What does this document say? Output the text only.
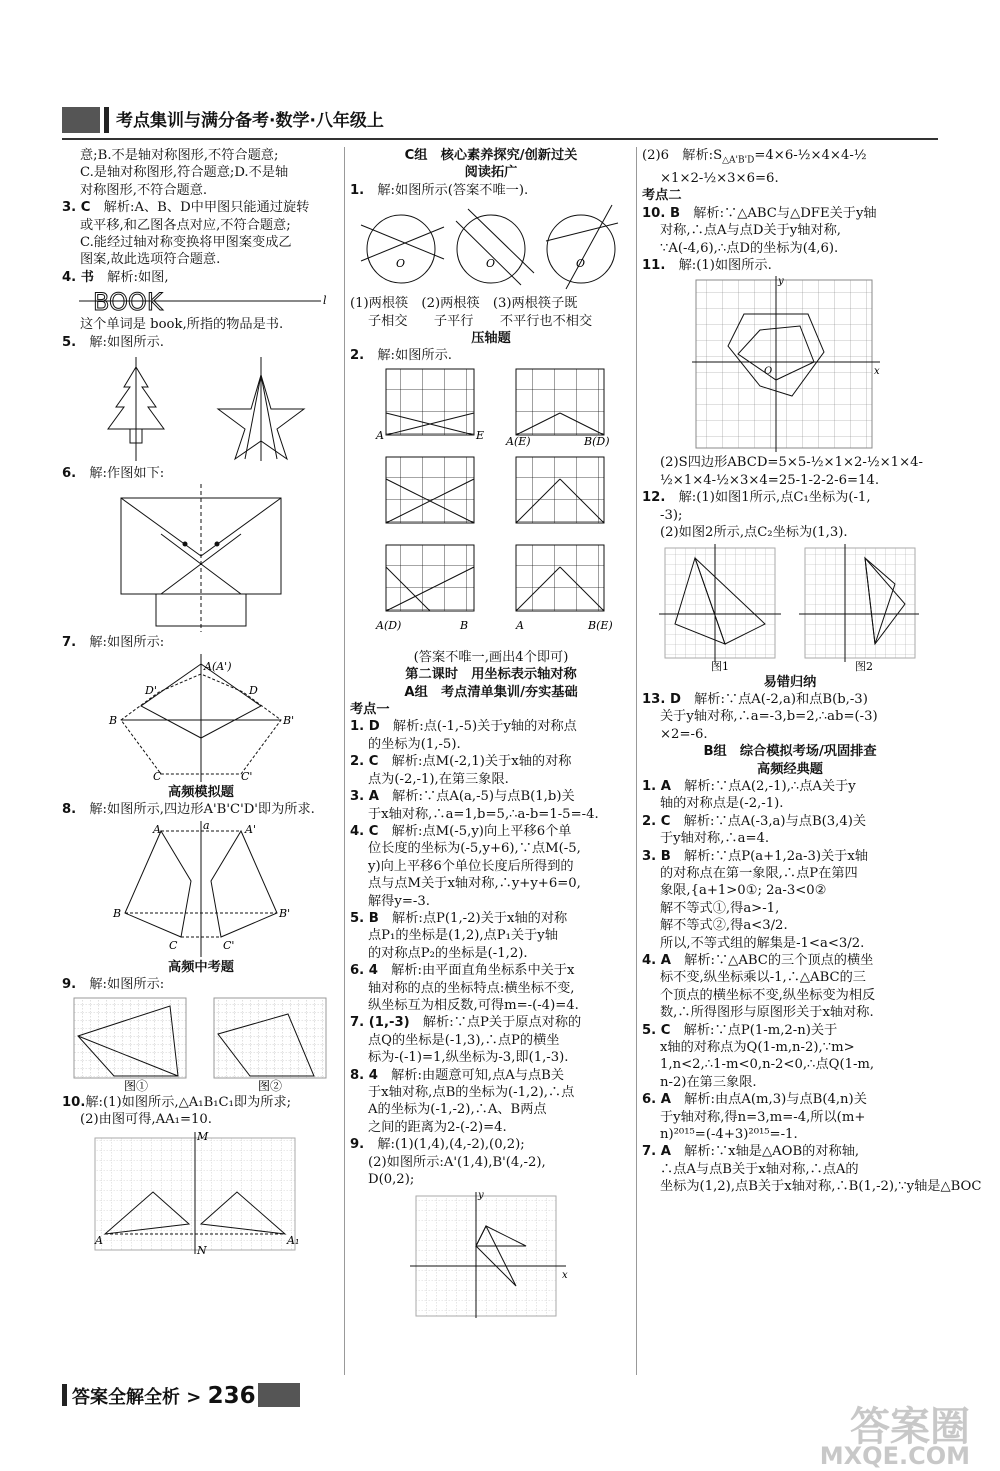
考点集训与满分备考·数学·八年级上
意;B.不是轴对称图形,不符合题意;
C.是轴对称图形,符合题意;D.不是轴
对称图形,不符合题意.
3. C　 解析:A、B、D中甲图只能通过旋转
或平移,和乙图各点对应,不符合题意;
C.能经过轴对称变换将甲图案变成乙
图案,故此选项符合题意.
4. 书　 解析:如图,
BOOK	l
这个单词是 book,所指的物品是书.
5.　 解:如图所示.
6.　 解:作图如下:
7.　 解:如图所示:
A(A')
D'	D
B	B'
C	C'
高频模拟题
8.　 解:如图所示,四边形A'B'C'D'即为所求.
A	A'
B	B'
C	C'
a
高频中考题
9.　 解:如图所示:
图①	图②
10.解:(1)如图所示,△A₁B₁C₁即为所求;
(2)由图可得,AA₁=10.
A	A₁
M
N
C组　核心素养探究/创新过关
阅读拓广
1.　 解:如图所示(答案不唯一).
O	O	O
(1)两根筷　(2)两根筷　(3)两根筷子既
子相交　　子平行　　不平行也不相交
压轴题
2.　 解:如图所示.
A	E A(E)	B(D)
A(D)	B	A	B(E)
(答案不唯一,画出4个即可)
第二课时　用坐标表示轴对称
A组　考点清单集训/夯实基础
考点一
1. D　 解析:点(-1,-5)关于y轴的对称点
的坐标为(1,-5).
2. C　 解析:点M(-2,1)关于x轴的对称
点为(-2,-1),在第三象限.
3. A　 解析:∵点A(a,-5)与点B(1,b)关
于x轴对称,∴a=1,b=5,∴a-b=1-5=-4.
4. C　 解析:点M(-5,y)向上平移6个单
位长度的坐标为(-5,y+6),∵点M(-5,
y)向上平移6个单位长度后所得到的
点与点M关于x轴对称,∴y+y+6=0,
解得y=-3.
5. B　 解析:点P(1,-2)关于x轴的对称
点P₁的坐标是(1,2),点P₁关于y轴
的对称点P₂的坐标是(-1,2).
6. 4　 解析:由平面直角坐标系中关于x
轴对称的点的坐标特点:横坐标不变,
纵坐标互为相反数,可得m=-(-4)=4.
7. (1,-3)　 解析:∵点P关于原点对称的
点Q的坐标是(-1,3),∴点P的横坐
标为-(-1)=1,纵坐标为-3,即(1,-3).
8. 4　 解析:由题意可知,点A与点B关
于x轴对称,点B的坐标为(-1,2),∴点
A的坐标为(-1,-2),∴A、B两点
之间的距离为2-(-2)=4.
9.　 解:(1)(1,4),(4,-2),(0,2);
(2)如图所示:A'(1,4),B'(4,-2),
D(0,2);
y
x
(2)6　解析$:S_{\triangle A'B'D}=4\times 6-\frac{1}{2}\times 4\times 4-\frac{1}{2}$
×1×2-½×3×6=6.
考点二
10. B　 解析:∵△ABC与△DFE关于y轴
对称,∴点A与点D关于y轴对称,
∵A(-4,6),∴点D的坐标为(4,6).
11.　 解:(1)如图所示.
y
x
O
(2)S四边形ABCD=5×5-½×1×2-½×1×4-
½×1×4-½×3×4=25-1-2-2-6=14.
12.　 解:(1)如图1所示,点C₁坐标为(-1,
-3);
(2)如图2所示,点C₂坐标为(1,3).
图1	图2
易错归纳
13. D　 解析:∵点A(-2,a)和点B(b,-3)
关于y轴对称,∴a=-3,b=2,∴ab=(-3)
×2=-6.
B组　综合模拟考场/巩固排查
高频经典题
1. A　 解析:∵点A(2,-1),∴点A关于y
轴的对称点是(-2,-1).
2. C　 解析:∵点A(-3,a)与点B(3,4)关
于y轴对称,∴a=4.
3. B　 解析:∵点P(a+1,2a-3)关于x轴
的对称点在第一象限,∴点P在第四
象限,{a+1>0①; 2a-3<0②
解不等式①,得a>-1,
解不等式②,得a<3/2.
所以,不等式组的解集是-1<a<3/2.
4. A　 解析:∵△ABC的三个顶点的横坐
标不变,纵坐标乘以-1,∴△ABC的三
个顶点的横坐标不变,纵坐标变为相反
数,∴所得图形与原图形关于x轴对称.
5. C　 解析:∵点P(1-m,2-n)关于
x轴的对称点为Q(1-m,n-2),∵m>
1,n<2,∴1-m<0,n-2<0,∴点Q(1-m,
n-2)在第三象限.
6. A　 解析:由点A(m,3)与点B(4,n)关
于y轴对称,得n=3,m=-4,所以(m+
n)²⁰¹⁵=(-4+3)²⁰¹⁵=-1.
7. A　 解析:∵x轴是△AOB的对称轴,
∴点A与点B关于x轴对称,∴点A的
坐标为(1,2),点B关于x轴对称,∴B(1,-2),∵y轴是△BOC
答案全解全析 > 236
答案圈
MXQE.COM
